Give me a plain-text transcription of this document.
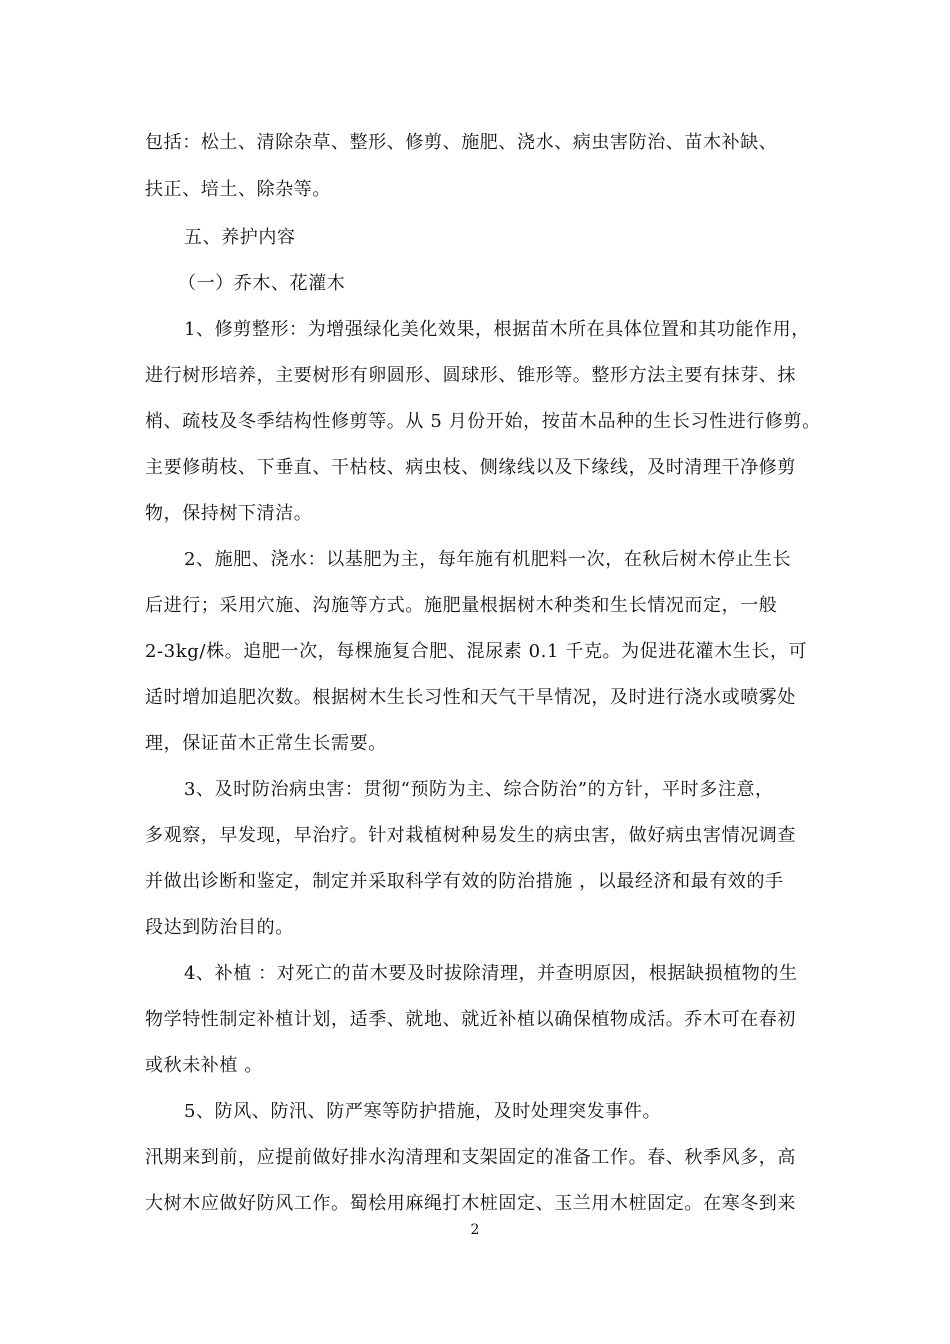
包括：松土、清除杂草、整形、修剪、施肥、浇水、病虫害防治、苗木补缺、
扶正、培土、除杂等。
五、养护内容
（一）乔木、花灌木
1、修剪整形：为增强绿化美化效果，根据苗木所在具体位置和其功能作用，
进行树形培养，主要树形有卵圆形、圆球形、锥形等。整形方法主要有抹芽、抹
梢、疏枝及冬季结构性修剪等。从 5 月份开始，按苗木品种的生长习性进行修剪。
主要修萌枝、下垂直、干枯枝、病虫枝、侧缘线以及下缘线，及时清理干净修剪
物，保持树下清洁。
2、施肥、浇水：以基肥为主，每年施有机肥料一次，在秋后树木停止生长
后进行；采用穴施、沟施等方式。施肥量根据树木种类和生长情况而定，一般
2-3kg/株。追肥一次，每棵施复合肥、混尿素 0.1 千克。为促进花灌木生长，可
适时增加追肥次数。根据树木生长习性和天气干旱情况，及时进行浇水或喷雾处
理，保证苗木正常生长需要。
3、及时防治病虫害：贯彻“预防为主、综合防治”的方针，平时多注意，
多观察，早发现，早治疗。针对栽植树种易发生的病虫害，做好病虫害情况调查
并做出诊断和鉴定，制定并采取科学有效的防治措施 ，以最经济和最有效的手
段达到防治目的。
4、补植 ：对死亡的苗木要及时拔除清理，并查明原因，根据缺损植物的生
物学特性制定补植计划，适季、就地、就近补植以确保植物成活。乔木可在春初
或秋未补植 。
5、防风、防汛、防严寒等防护措施，及时处理突发事件。
汛期来到前，应提前做好排水沟清理和支架固定的准备工作。春、秋季风多，高
大树木应做好防风工作。蜀桧用麻绳打木桩固定、玉兰用木桩固定。在寒冬到来
2
